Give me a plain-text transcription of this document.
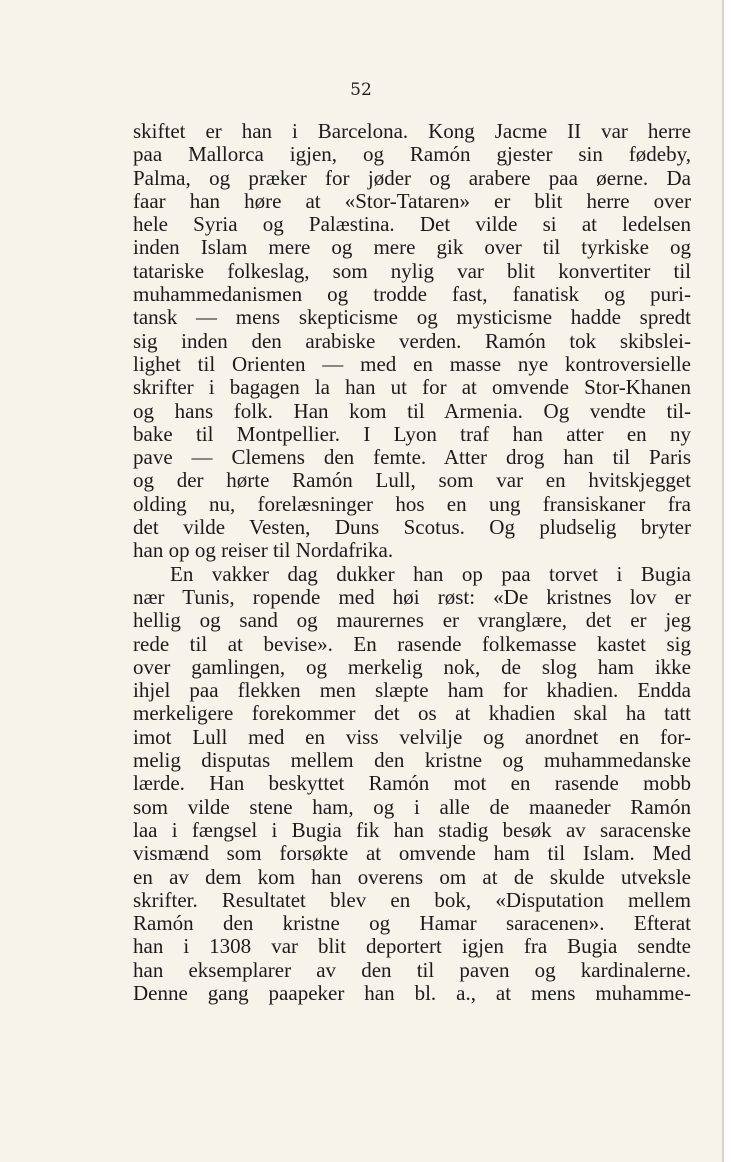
52
skiftet er han i Barcelona. Kong Jacme II var herre
paa Mallorca igjen, og Ramón gjester sin fødeby,
Palma, og præker for jøder og arabere paa øerne. Da
faar han høre at «Stor-Tataren» er blit herre over
hele Syria og Palæstina. Det vilde si at ledelsen
inden Islam mere og mere gik over til tyrkiske og
tatariske folkeslag, som nylig var blit konvertiter til
muhammedanismen og trodde fast, fanatisk og puri-
tansk — mens skepticisme og mysticisme hadde spredt
sig inden den arabiske verden. Ramón tok skibslei-
lighet til Orienten — med en masse nye kontroversielle
skrifter i bagagen la han ut for at omvende Stor-Khanen
og hans folk. Han kom til Armenia. Og vendte til-
bake til Montpellier. I Lyon traf han atter en ny
pave — Clemens den femte. Atter drog han til Paris
og der hørte Ramón Lull, som var en hvitskjegget
olding nu, forelæsninger hos en ung fransiskaner fra
det vilde Vesten, Duns Scotus. Og pludselig bryter
han op og reiser til Nordafrika.
En vakker dag dukker han op paa torvet i Bugia
nær Tunis, ropende med høi røst: «De kristnes lov er
hellig og sand og maurernes er vranglære, det er jeg
rede til at bevise». En rasende folkemasse kastet sig
over gamlingen, og merkelig nok, de slog ham ikke
ihjel paa flekken men slæpte ham for khadien. Endda
merkeligere forekommer det os at khadien skal ha tatt
imot Lull med en viss velvilje og anordnet en for-
melig disputas mellem den kristne og muhammedanske
lærde. Han beskyttet Ramón mot en rasende mobb
som vilde stene ham, og i alle de maaneder Ramón
laa i fængsel i Bugia fik han stadig besøk av saracenske
vismænd som forsøkte at omvende ham til Islam. Med
en av dem kom han overens om at de skulde utveksle
skrifter. Resultatet blev en bok, «Disputation mellem
Ramón den kristne og Hamar saracenen». Efterat
han i 1308 var blit deportert igjen fra Bugia sendte
han eksemplarer av den til paven og kardinalerne.
Denne gang paapeker han bl. a., at mens muhamme-
